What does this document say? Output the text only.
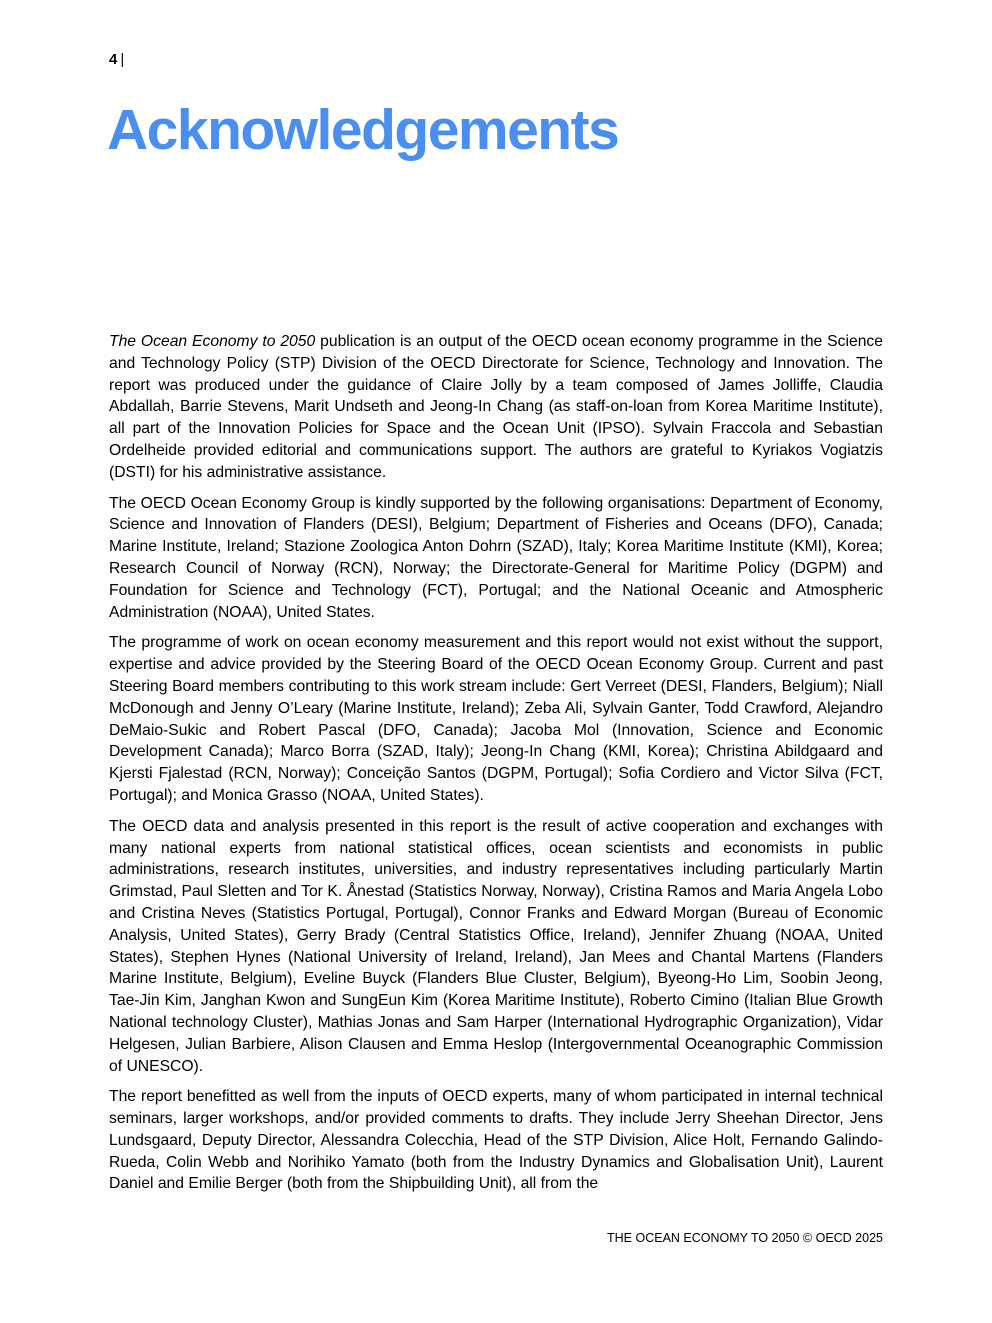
4 |
Acknowledgements

The Ocean Economy to 2050 publication is an output of the OECD ocean economy programme in the Science and Technology Policy (STP) Division of the OECD Directorate for Science, Technology and Innovation. The report was produced under the guidance of Claire Jolly by a team composed of James Jolliffe, Claudia Abdallah, Barrie Stevens, Marit Undseth and Jeong-In Chang (as staff-on-loan from Korea Maritime Institute), all part of the Innovation Policies for Space and the Ocean Unit (IPSO). Sylvain Fraccola and Sebastian Ordelheide provided editorial and communications support. The authors are grateful to Kyriakos Vogiatzis (DSTI) for his administrative assistance.

The OECD Ocean Economy Group is kindly supported by the following organisations: Department of Economy, Science and Innovation of Flanders (DESI), Belgium; Department of Fisheries and Oceans (DFO), Canada; Marine Institute, Ireland; Stazione Zoologica Anton Dohrn (SZAD), Italy; Korea Maritime Institute (KMI), Korea; Research Council of Norway (RCN), Norway; the Directorate-General for Maritime Policy (DGPM) and Foundation for Science and Technology (FCT), Portugal; and the National Oceanic and Atmospheric Administration (NOAA), United States.

The programme of work on ocean economy measurement and this report would not exist without the support, expertise and advice provided by the Steering Board of the OECD Ocean Economy Group. Current and past Steering Board members contributing to this work stream include: Gert Verreet (DESI, Flanders, Belgium); Niall McDonough and Jenny O’Leary (Marine Institute, Ireland); Zeba Ali, Sylvain Ganter, Todd Crawford, Alejandro DeMaio-Sukic and Robert Pascal (DFO, Canada); Jacoba Mol (Innovation, Science and Economic Development Canada); Marco Borra (SZAD, Italy); Jeong-In Chang (KMI, Korea); Christina Abildgaard and Kjersti Fjalestad (RCN, Norway); Conceição Santos (DGPM, Portugal); Sofia Cordiero and Victor Silva (FCT, Portugal); and Monica Grasso (NOAA, United States).

The OECD data and analysis presented in this report is the result of active cooperation and exchanges with many national experts from national statistical offices, ocean scientists and economists in public administrations, research institutes, universities, and industry representatives including particularly Martin Grimstad, Paul Sletten and Tor K. Ånestad (Statistics Norway, Norway), Cristina Ramos and Maria Angela Lobo and Cristina Neves (Statistics Portugal, Portugal), Connor Franks and Edward Morgan (Bureau of Economic Analysis, United States), Gerry Brady (Central Statistics Office, Ireland), Jennifer Zhuang (NOAA, United States), Stephen Hynes (National University of Ireland, Ireland), Jan Mees and Chantal Martens (Flanders Marine Institute, Belgium), Eveline Buyck (Flanders Blue Cluster, Belgium), Byeong-Ho Lim, Soobin Jeong, Tae-Jin Kim, Janghan Kwon and SungEun Kim (Korea Maritime Institute), Roberto Cimino (Italian Blue Growth National technology Cluster), Mathias Jonas and Sam Harper (International Hydrographic Organization), Vidar Helgesen, Julian Barbiere, Alison Clausen and Emma Heslop (Intergovernmental Oceanographic Commission of UNESCO).

The report benefitted as well from the inputs of OECD experts, many of whom participated in internal technical seminars, larger workshops, and/or provided comments to drafts. They include Jerry Sheehan Director, Jens Lundsgaard, Deputy Director, Alessandra Colecchia, Head of the STP Division, Alice Holt, Fernando Galindo-Rueda, Colin Webb and Norihiko Yamato (both from the Industry Dynamics and Globalisation Unit), Laurent Daniel and Emilie Berger (both from the Shipbuilding Unit), all from the

THE OCEAN ECONOMY TO 2050 © OECD 2025
